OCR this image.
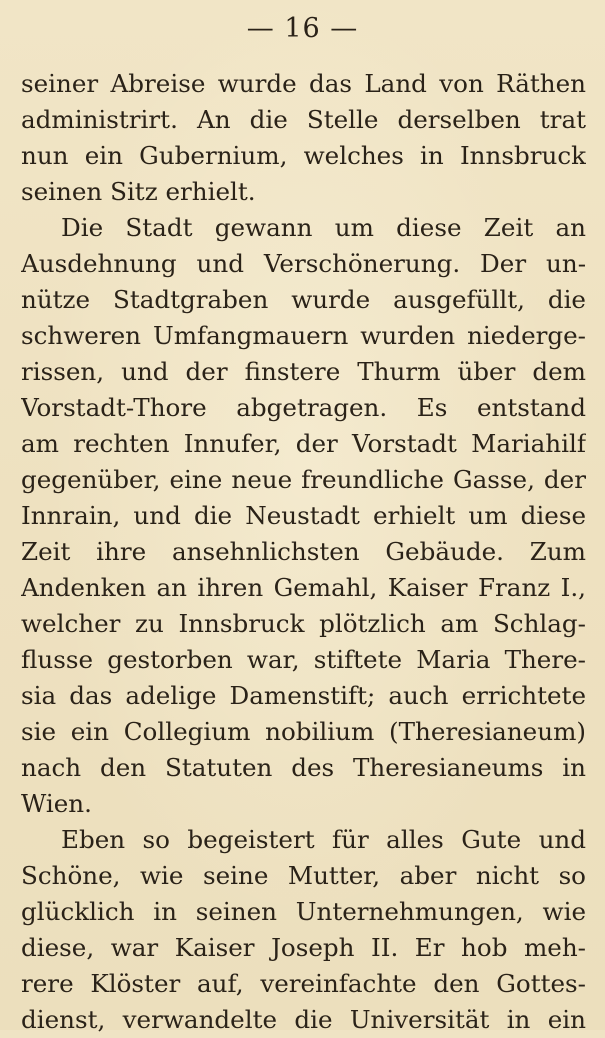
— 16 —
seiner Abreise wurde das Land von Räthen
administrirt. An die Stelle derselben trat
nun ein Gubernium, welches in Innsbruck
seinen Sitz erhielt.
Die Stadt gewann um diese Zeit an
Ausdehnung und Verschönerung. Der un-
nütze Stadtgraben wurde ausgefüllt, die
schweren Umfangmauern wurden niederge-
rissen, und der finstere Thurm über dem
Vorstadt-Thore abgetragen. Es entstand
am rechten Innufer, der Vorstadt Mariahilf
gegenüber, eine neue freundliche Gasse, der
Innrain, und die Neustadt erhielt um diese
Zeit ihre ansehnlichsten Gebäude. Zum
Andenken an ihren Gemahl, Kaiser Franz I.,
welcher zu Innsbruck plötzlich am Schlag-
flusse gestorben war, stiftete Maria There-
sia das adelige Damenstift; auch errichtete
sie ein Collegium nobilium (Theresianeum)
nach den Statuten des Theresianeums in
Wien.
Eben so begeistert für alles Gute und
Schöne, wie seine Mutter, aber nicht so
glücklich in seinen Unternehmungen, wie
diese, war Kaiser Joseph II. Er hob meh-
rere Klöster auf, vereinfachte den Gottes-
dienst, verwandelte die Universität in ein
